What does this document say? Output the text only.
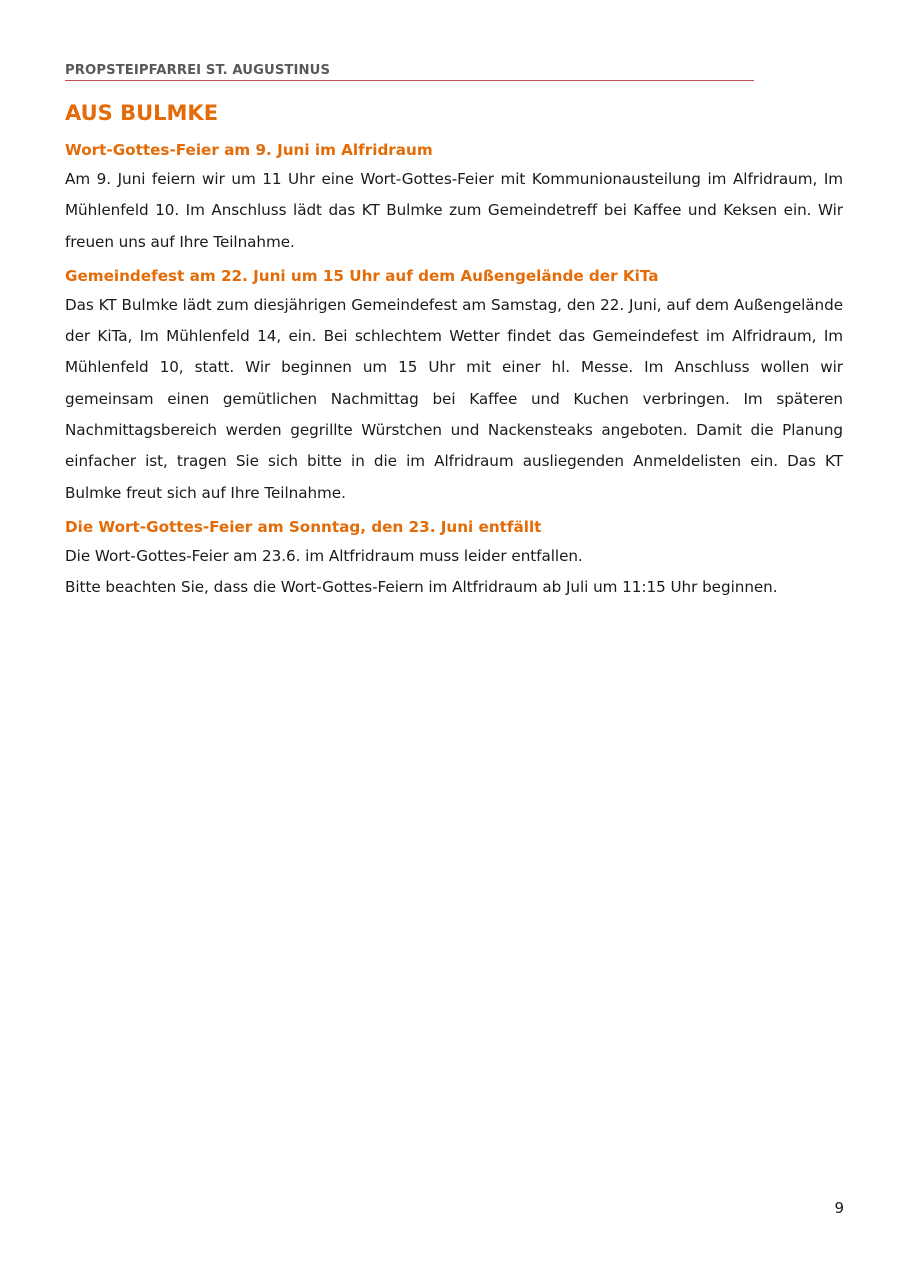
PROPSTEIPFARREI ST. AUGUSTINUS
AUS BULMKE
Wort-Gottes-Feier am 9. Juni im Alfridraum

Am 9. Juni feiern wir um 11 Uhr eine Wort-Gottes-Feier mit Kommunionausteilung im Alfridraum, Im Mühlenfeld 10. Im Anschluss lädt das KT Bulmke zum Gemeindetreff bei Kaffee und Keksen ein. Wir freuen uns auf Ihre Teilnahme.

Gemeindefest am 22. Juni um 15 Uhr auf dem Außengelände der KiTa

Das KT Bulmke lädt zum diesjährigen Gemeindefest am Samstag, den 22. Juni, auf dem Außengelände der KiTa, Im Mühlenfeld 14, ein. Bei schlechtem Wetter findet das Gemeindefest im Alfridraum, Im Mühlenfeld 10, statt. Wir beginnen um 15 Uhr mit einer hl. Messe. Im Anschluss wollen wir gemeinsam einen gemütlichen Nachmittag bei Kaffee und Kuchen verbringen. Im späteren Nachmittagsbereich werden gegrillte Würstchen und Nackensteaks angeboten. Damit die Planung einfacher ist, tragen Sie sich bitte in die im Alfridraum ausliegenden Anmeldelisten ein. Das KT Bulmke freut sich auf Ihre Teilnahme.

Die Wort-Gottes-Feier am Sonntag, den 23. Juni entfällt

Die Wort-Gottes-Feier am 23.6. im Altfridraum muss leider entfallen.

Bitte beachten Sie, dass die Wort-Gottes-Feiern im Altfridraum ab Juli um 11:15 Uhr beginnen.

9
